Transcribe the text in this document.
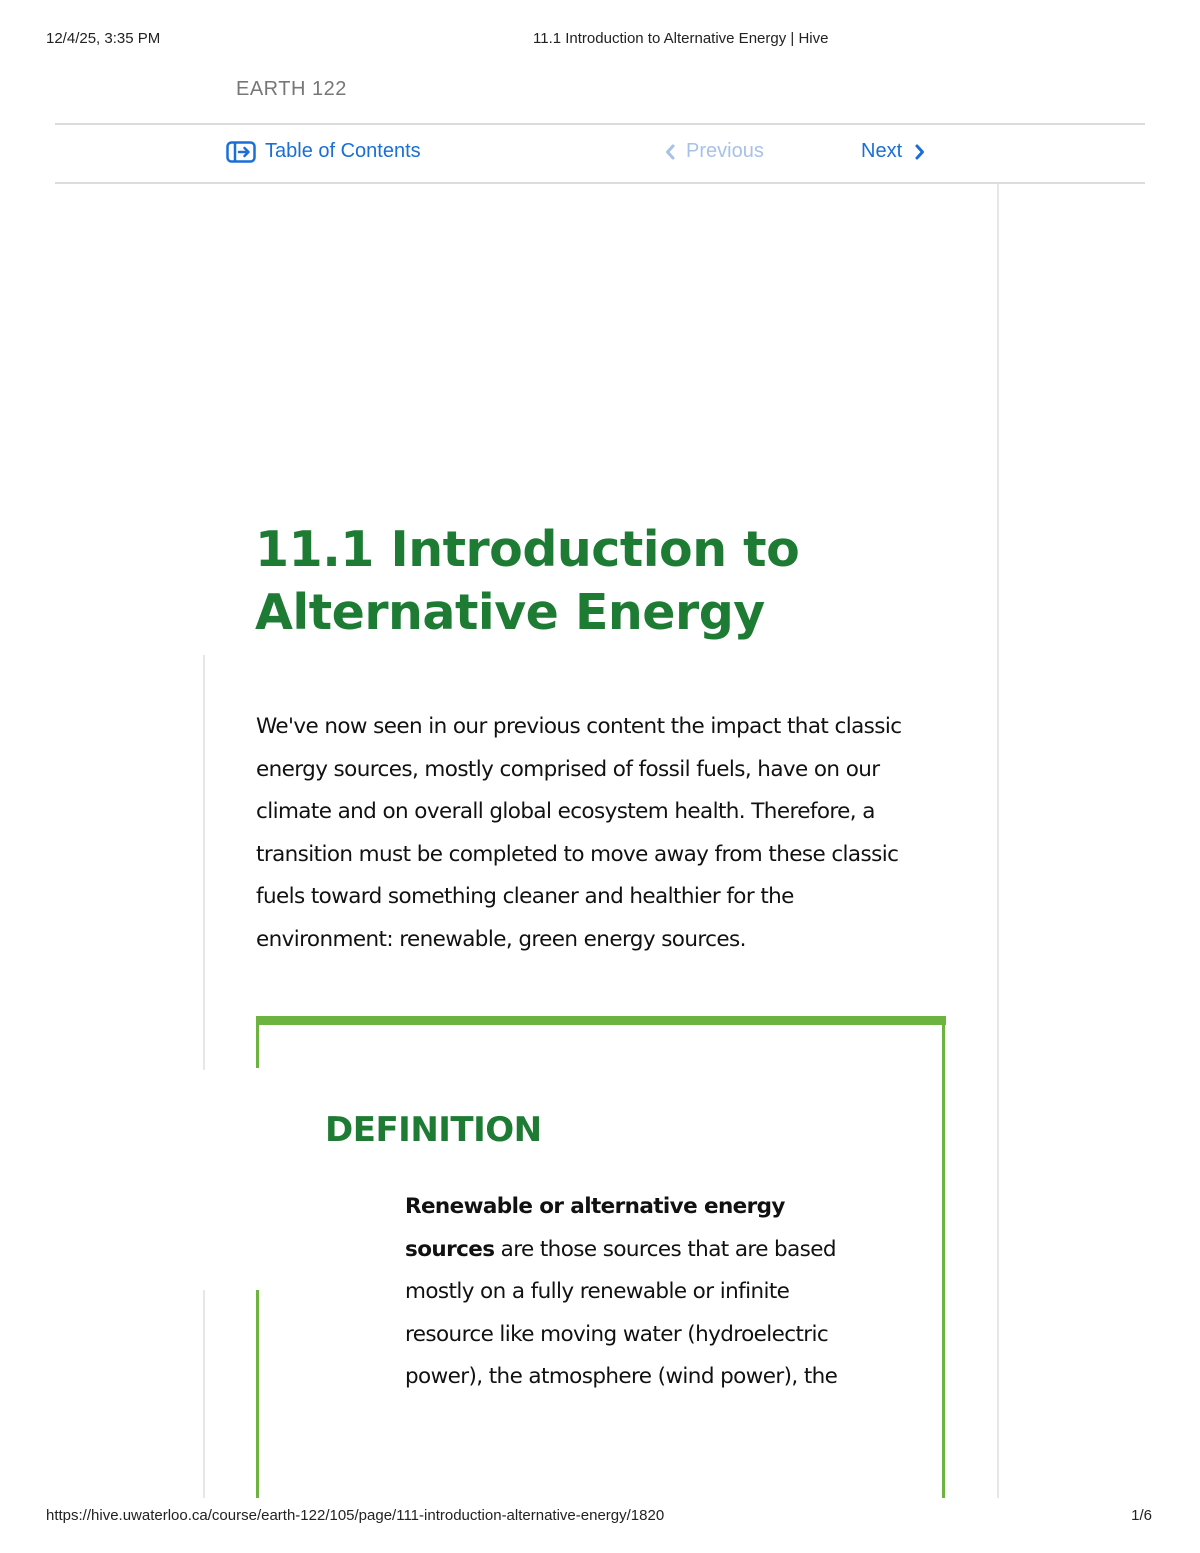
12/4/25, 3:35 PM	11.1 Introduction to Alternative Energy | Hive
EARTH 122
Table of Contents	Previous	Next
11.1 Introduction to
Alternative Energy

We've now seen in our previous content the impact that classic
energy sources, mostly comprised of fossil fuels, have on our
climate and on overall global ecosystem health. Therefore, a
transition must be completed to move away from these classic
fuels toward something cleaner and healthier for the
environment: renewable, green energy sources.

DEFINITION

Renewable or alternative energy
sources are those sources that are based
mostly on a fully renewable or infinite
resource like moving water (hydroelectric
power), the atmosphere (wind power), the

https://hive.uwaterloo.ca/course/earth-122/105/page/111-introduction-alternative-energy/1820	1/6
